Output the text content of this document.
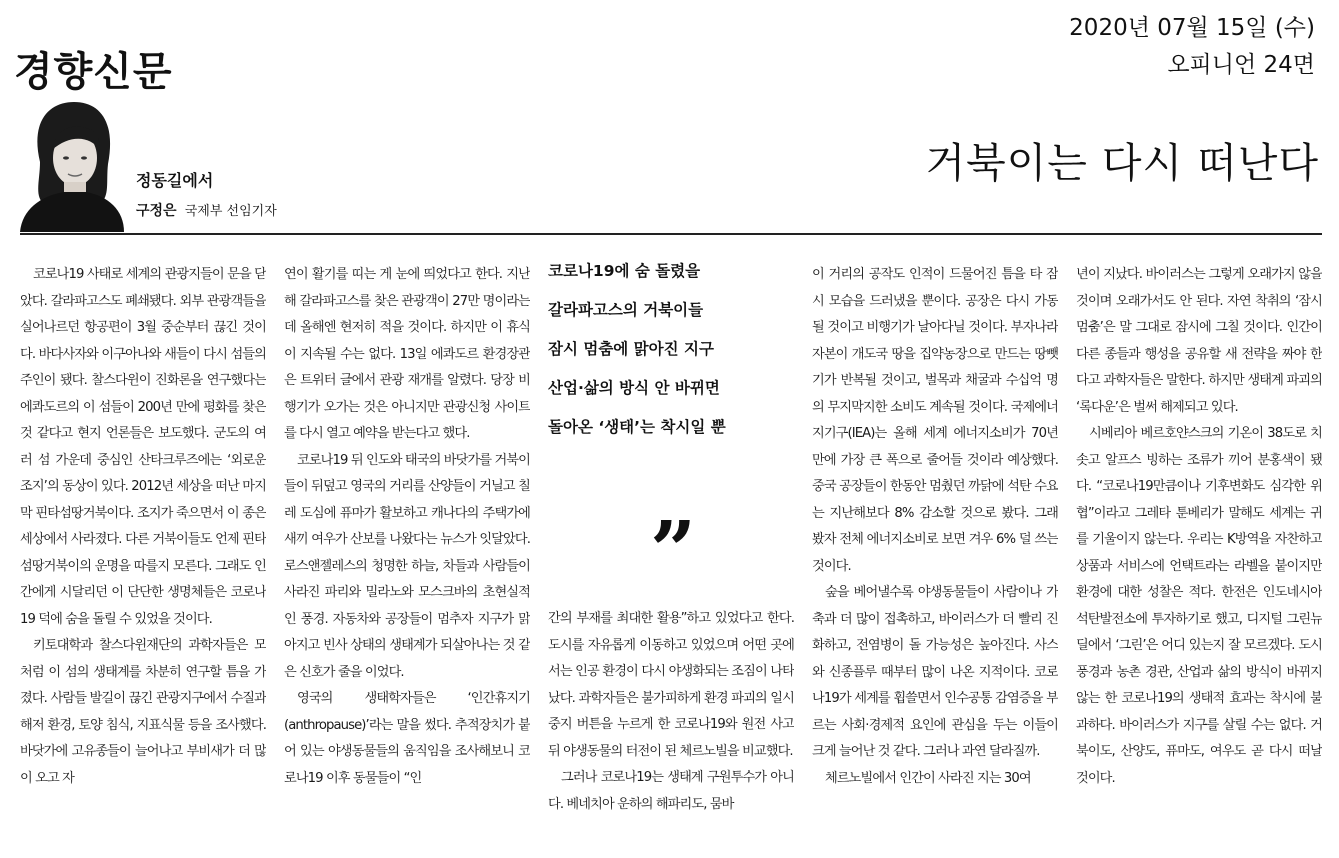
경향신문
2020년 07월 15일 (수)
오피니언 24면
정동길에서
구정은 국제부 선임기자
거북이는 다시 떠난다

코로나19 사태로 세계의 관광지들이 문을 닫았다. 갈라파고스도 폐쇄됐다. 외부 관광객들을 실어나르던 항공편이 3월 중순부터 끊긴 것이다. 바다사자와 이구아나와 새들이 다시 섬들의 주인이 됐다. 찰스다윈이 진화론을 연구했다는 에콰도르의 이 섬들이 200년 만에 평화를 찾은 것 같다고 현지 언론들은 보도했다. 군도의 여러 섬 가운데 중심인 산타크루즈에는 ‘외로운 조지’의 동상이 있다. 2012년 세상을 떠난 마지막 핀타섬땅거북이다. 조지가 죽으면서 이 종은 세상에서 사라졌다. 다른 거북이들도 언제 핀타섬땅거북이의 운명을 따를지 모른다. 그래도 인간에게 시달리던 이 단단한 생명체들은 코로나19 덕에 숨을 돌릴 수 있었을 것이다.

키토대학과 찰스다윈재단의 과학자들은 모처럼 이 섬의 생태계를 차분히 연구할 틈을 가졌다. 사람들 발길이 끊긴 관광지구에서 수질과 해저 환경, 토양 침식, 지표식물 등을 조사했다. 바닷가에 고유종들이 늘어나고 부비새가 더 많이 오고 자

연이 활기를 띠는 게 눈에 띄었다고 한다. 지난해 갈라파고스를 찾은 관광객이 27만 명이라는데 올해엔 현저히 적을 것이다. 하지만 이 휴식이 지속될 수는 없다. 13일 에콰도르 환경장관은 트위터 글에서 관광 재개를 알렸다. 당장 비행기가 오가는 것은 아니지만 관광신청 사이트를 다시 열고 예약을 받는다고 했다.

코로나19 뒤 인도와 태국의 바닷가를 거북이들이 뒤덮고 영국의 거리를 산양들이 거닐고 칠레 도심에 퓨마가 활보하고 캐나다의 주택가에 새끼 여우가 산보를 나왔다는 뉴스가 잇달았다. 로스앤젤레스의 청명한 하늘, 차들과 사람들이 사라진 파리와 밀라노와 모스크바의 초현실적인 풍경. 자동차와 공장들이 멈추자 지구가 맑아지고 빈사 상태의 생태계가 되살아나는 것 같은 신호가 줄을 이었다.

영국의 생태학자들은 ‘인간휴지기(anthropause)’라는 말을 썼다. 추적장치가 붙어 있는 야생동물들의 움직임을 조사해보니 코로나19 이후 동물들이 “인

코로나19에 숨 돌렸을
갈라파고스의 거북이들
잠시 멈춤에 맑아진 지구
산업·삶의 방식 안 바뀌면
돌아온 ‘생태’는 착시일 뿐
”

간의 부재를 최대한 활용”하고 있었다고 한다. 도시를 자유롭게 이동하고 있었으며 어떤 곳에서는 인공 환경이 다시 야생화되는 조짐이 나타났다. 과학자들은 불가피하게 환경 파괴의 일시중지 버튼을 누르게 한 코로나19와 원전 사고 뒤 야생동물의 터전이 된 체르노빌을 비교했다.

그러나 코로나19는 생태계 구원투수가 아니다. 베네치아 운하의 해파리도, 뭄바

이 거리의 공작도 인적이 드물어진 틈을 타 잠시 모습을 드러냈을 뿐이다. 공장은 다시 가동될 것이고 비행기가 날아다닐 것이다. 부자나라 자본이 개도국 땅을 집약농장으로 만드는 땅뺏기가 반복될 것이고, 벌목과 채굴과 수십억 명의 무지막지한 소비도 계속될 것이다. 국제에너지기구(IEA)는 올해 세계 에너지소비가 70년 만에 가장 큰 폭으로 줄어들 것이라 예상했다. 중국 공장들이 한동안 멈췄던 까닭에 석탄 수요는 지난해보다 8% 감소할 것으로 봤다. 그래 봤자 전체 에너지소비로 보면 겨우 6% 덜 쓰는 것이다.

숲을 베어낼수록 야생동물들이 사람이나 가축과 더 많이 접촉하고, 바이러스가 더 빨리 진화하고, 전염병이 돌 가능성은 높아진다. 사스와 신종플루 때부터 많이 나온 지적이다. 코로나19가 세계를 휩쓸면서 인수공통 감염증을 부르는 사회·경제적 요인에 관심을 두는 이들이 크게 늘어난 것 같다. 그러나 과연 달라질까.

체르노빌에서 인간이 사라진 지는 30여

년이 지났다. 바이러스는 그렇게 오래가지 않을 것이며 오래가서도 안 된다. 자연 착취의 ‘잠시 멈춤’은 말 그대로 잠시에 그칠 것이다. 인간이 다른 종들과 행성을 공유할 새 전략을 짜야 한다고 과학자들은 말한다. 하지만 생태계 파괴의 ‘록다운’은 벌써 해제되고 있다.

시베리아 베르호얀스크의 기온이 38도로 치솟고 알프스 빙하는 조류가 끼어 분홍색이 됐다. “코로나19만큼이나 기후변화도 심각한 위협”이라고 그레타 툰베리가 말해도 세계는 귀를 기울이지 않는다. 우리는 K방역을 자찬하고 상품과 서비스에 언택트라는 라벨을 붙이지만 환경에 대한 성찰은 적다. 한전은 인도네시아 석탄발전소에 투자하기로 했고, 디지털 그린뉴딜에서 ‘그린’은 어디 있는지 잘 모르겠다. 도시 풍경과 농촌 경관, 산업과 삶의 방식이 바뀌지 않는 한 코로나19의 생태적 효과는 착시에 불과하다. 바이러스가 지구를 살릴 수는 없다. 거북이도, 산양도, 퓨마도, 여우도 곧 다시 떠날 것이다.
